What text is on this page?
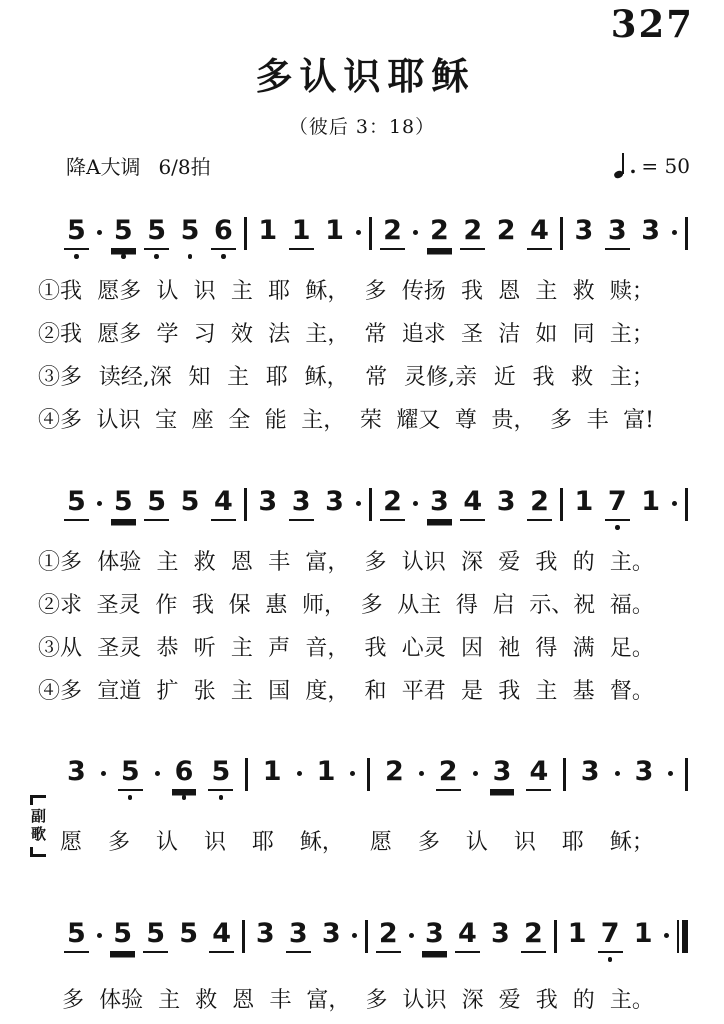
327
多认识耶稣
（彼后 3：18）
降A大调 6/8拍	. = 50
5 5 5 5 6 1 1 1 2 2 2 2 4 3 3 3
①我 愿多 认 识 主 耶 稣， 多 传扬 我 恩 主 救 赎；
②我 愿多 学 习 效 法 主， 常 追求 圣 洁 如 同 主；
③多 读经,深 知 主 耶 稣， 常 灵修,亲 近 我 救 主；
④多 认识 宝 座 全 能 主， 荣 耀又 尊 贵， 多 丰 富!
5 5 5 5 4 3 3 3 2 3 4 3 2 1 7 1
①多 体验 主 救 恩 丰 富， 多 认识 深 爱 我 的 主。
②求 圣灵 作 我 保 惠 师， 多 从主 得 启 示、祝 福。
③从 圣灵 恭 听 主 声 音， 我 心灵 因 祂 得 满 足。
④多 宣道 扩 张 主 国 度， 和 平君 是 我 主 基 督。
3 5 6 5 1 1 2 2 3 4 3 3
副歌 愿 多 认 识 耶 稣， 愿 多 认 识 耶 稣；
5 5 5 5 4 3 3 3 2 3 4 3 2 1 7 1
多 体验 主 救 恩 丰 富， 多 认识 深 爱 我 的 主。
